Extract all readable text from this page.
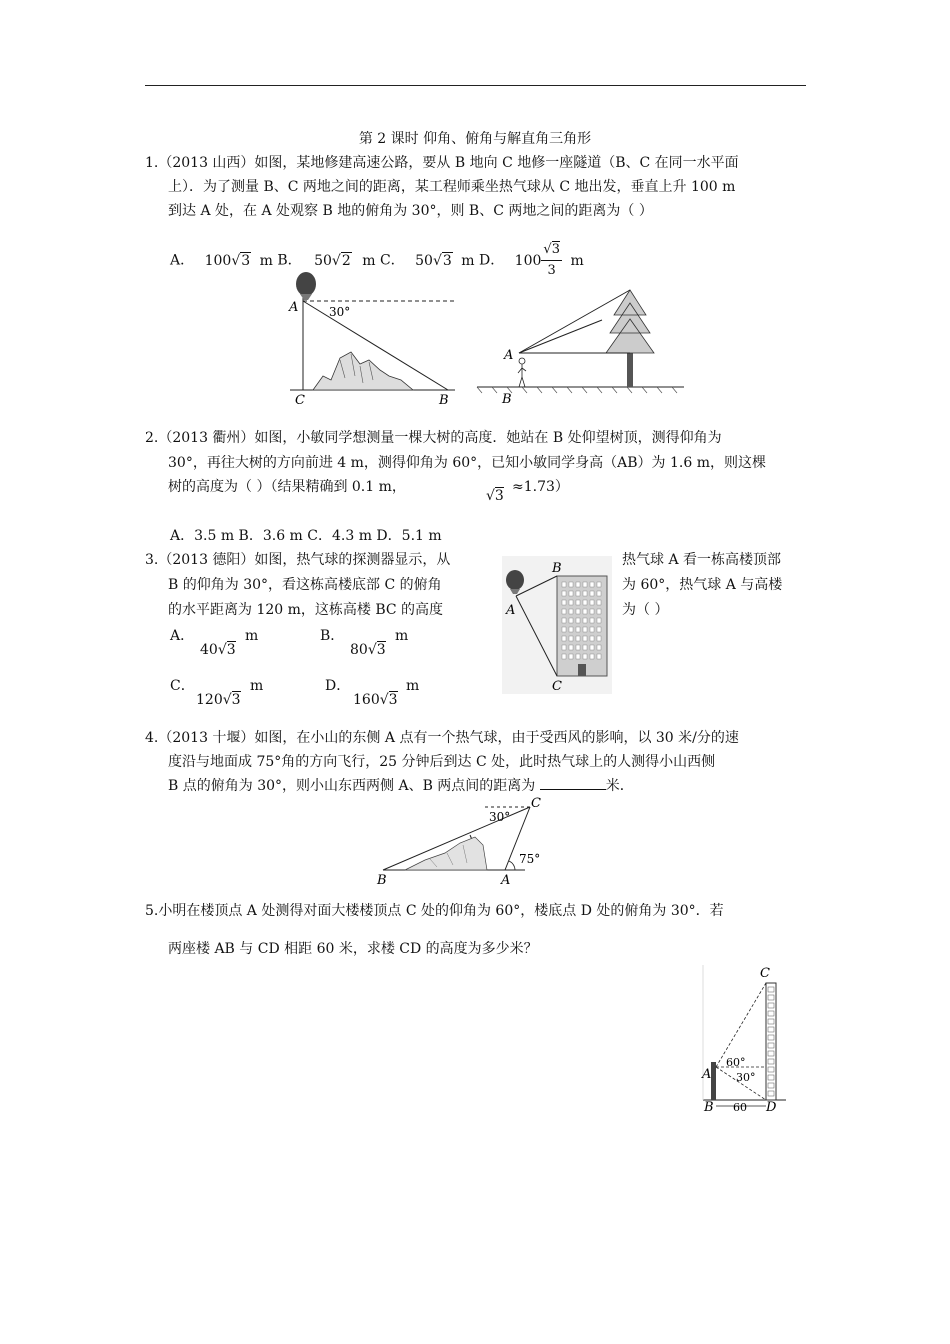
第 2 课时 仰角、俯角与解直角三角形
1.（2013 山西）如图，某地修建高速公路，要从 B 地向 C 地修一座隧道（B、C 在同一水平面
上）．为了测量 B、C 两地之间的距离，某工程师乘坐热气球从 C 地出发，垂直上升 100 m
到达 A 处，在 A 处观察 B 地的俯角为 30°，则 B、C 两地之间的距离为（ ）
A． 100√3 m B． 50√2 m C． 50√3 m D． $100 \frac{√3}{3}$ m
A	30°
C	B
A
B
2.（2013 衢州）如图，小敏同学想测量一棵大树的高度．她站在 B 处仰望树顶，测得仰角为
30°，再往大树的方向前进 4 m，测得仰角为 60°，已知小敏同学身高（AB）为 1.6 m，则这棵
树的高度为（ ）（结果精确到 0.1 m，
√3
≈1.73）
A．3.5 m B．3.6 m C．4.3 m D．5.1 m
3.（2013 德阳）如图，热气球的探测器显示，从
B 的仰角为 30°，看这栋高楼底部 C 的俯角
的水平距离为 120 m，这栋高楼 BC 的高度
热气球 A 看一栋高楼顶部
为 60°，热气球 A 与高楼
为（ ）
A．	m
40√3
B．	m
80√3
C．	m
120√3
D．	m
160√3
B
A
C
4.（2013 十堰）如图，在小山的东侧 A 点有一个热气球，由于受西风的影响，以 30 米/分的速
度沿与地面成 75°角的方向飞行，25 分钟后到达 C 处，此时热气球上的人测得小山西侧
B 点的俯角为 30°，则小山东西两侧 A、B 两点间的距离为	米．
B	A
C
30°
75°
5.小明在楼顶点 A 处测得对面大楼楼顶点 C 处的仰角为 60°，楼底点 D 处的俯角为 30°．若
两座楼 AB 与 CD 相距 60 米，求楼 CD 的高度为多少米？
C
A
60°
30°
B 60 D
